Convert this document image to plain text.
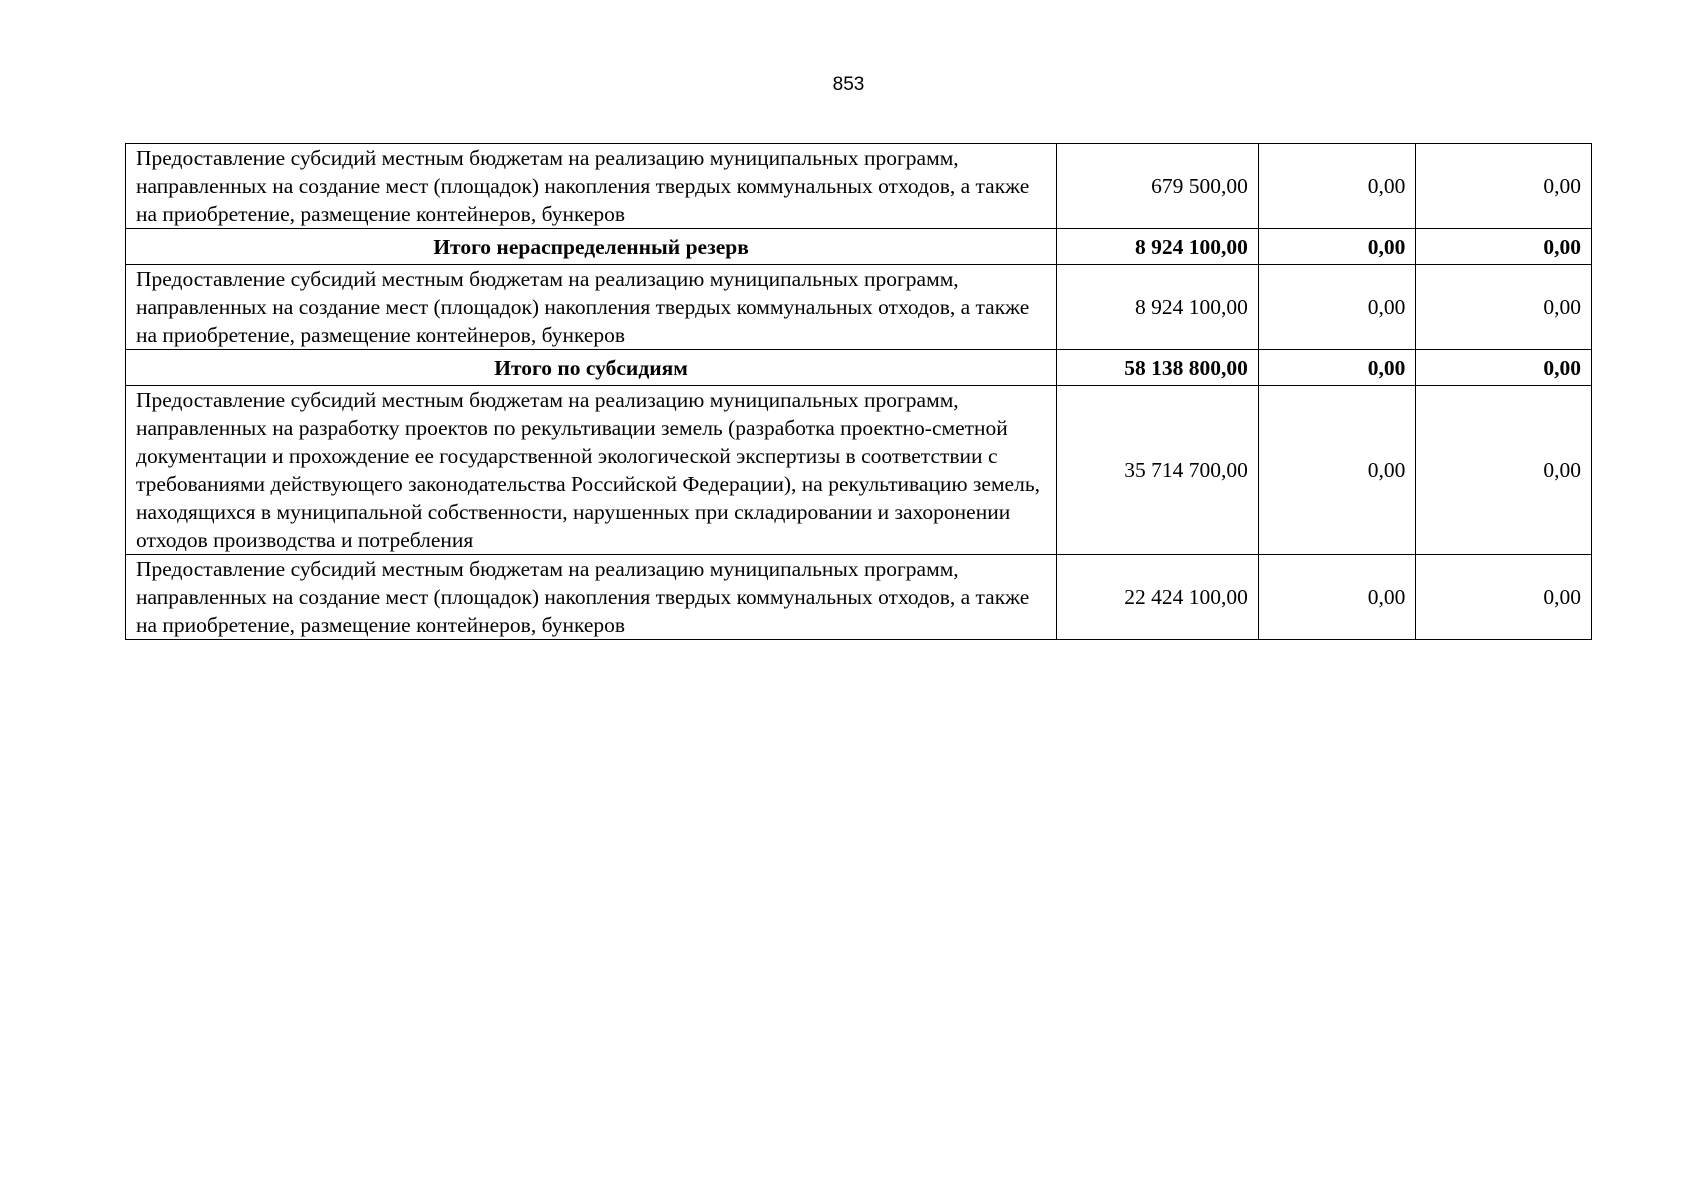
853
Предоставление субсидий местным бюджетам на реализацию муниципальных программ, направленных на создание мест (площадок) накопления твердых коммунальных отходов, а также на приобретение, размещение контейнеров, бункеров	679 500,00	0,00	0,00
Итого нераспределенный резерв	8 924 100,00	0,00	0,00
Предоставление субсидий местным бюджетам на реализацию муниципальных программ, направленных на создание мест (площадок) накопления твердых коммунальных отходов, а также на приобретение, размещение контейнеров, бункеров	8 924 100,00	0,00	0,00
Итого по субсидиям	58 138 800,00	0,00	0,00
Предоставление субсидий местным бюджетам на реализацию муниципальных программ, направленных на разработку проектов по рекультивации земель (разработка проектно-сметной документации и прохождение ее государственной экологической экспертизы в соответствии с требованиями действующего законодательства Российской Федерации), на рекультивацию земель, находящихся в муниципальной собственности, нарушенных при складировании и захоронении отходов производства и потребления	35 714 700,00	0,00	0,00
Предоставление субсидий местным бюджетам на реализацию муниципальных программ, направленных на создание мест (площадок) накопления твердых коммунальных отходов, а также на приобретение, размещение контейнеров, бункеров	22 424 100,00	0,00	0,00
